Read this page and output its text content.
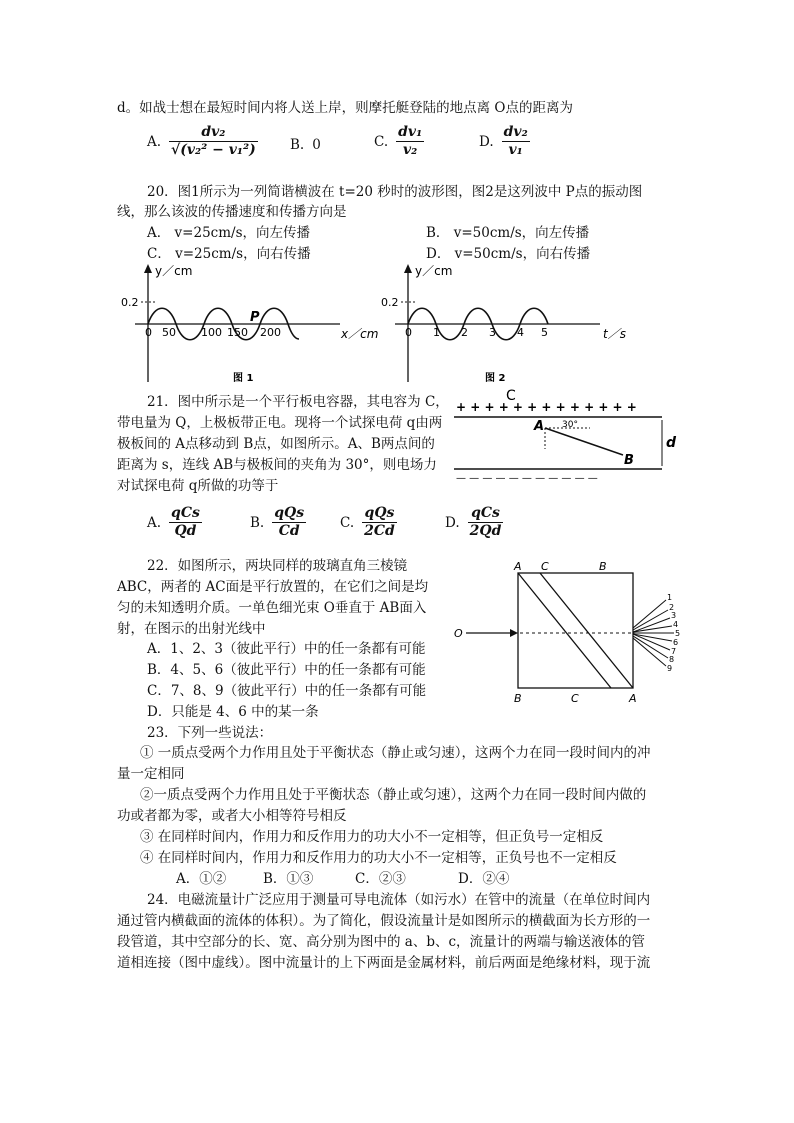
d。如战士想在最短时间内将人送上岸，则摩托艇登陆的地点离 O点的距离为
A. $\frac{\text{dv₂}}{\text{√(v₂² − v₁²)}} B$. 0	C. $\frac{\text{dv₁}}{\text{v₂}}$	D. $\frac{\text{dv₂}}{\text{v₁}}$
20．图1所示为一列简谐横波在 t=20 秒时的波形图，图2是这列波中 P点的振动图
线，那么该波的传播速度和传播方向是
A． v=25cm/s，向左传播	B． v=50cm/s，向左传播
C． v=25cm/s，向右传播	D． v=50cm/s，向右传播
y／cm
x／cm
0.2
0 50 100 150 200
P
图 1
y／cm
t／s
0.2
0 1 2 3 4 5
图 2
21．图中所示是一个平行板电容器，其电容为 C，
带电量为 Q，上极板带正电。现将一个试探电荷 q由两
极板间的 A点移动到 B点，如图所示。A、B两点间的
距离为 s，连线 AB与极板间的夹角为 30°，则电场力
对试探电荷 q所做的功等于
A. $\frac{\text{qCs}}{Qd}$	B. $\frac{\text{qQs}}{Cd}$	C. $\frac{\text{qQs}}{2Cd}$	D. $\frac{\text{qCs}}{2Qd}$
C
+ + + + + + + + + + + + +
— — — — — — — — — — —
A
B
30°
d
22．如图所示，两块同样的玻璃直角三棱镜
ABC，两者的 AC面是平行放置的，在它们之间是均
匀的未知透明介质。一单色细光束 O垂直于 AB面入
射，在图示的出射光线中
A．1、2、3（彼此平行）中的任一条都有可能
B．4、5、6（彼此平行）中的任一条都有可能
C．7、8、9（彼此平行）中的任一条都有可能
D．只能是 4、6 中的某一条
A C	B
B	C	A
O
1
2
3
4
5
6
7
8
9
23．下列一些说法：
① 一质点受两个力作用且处于平衡状态（静止或匀速），这两个力在同一段时间内的冲
量一定相同
②一质点受两个力作用且处于平衡状态（静止或匀速），这两个力在同一段时间内做的
功或者都为零，或者大小相等符号相反
③ 在同样时间内，作用力和反作用力的功大小不一定相等，但正负号一定相反
④ 在同样时间内，作用力和反作用力的功大小不一定相等，正负号也不一定相反
A．①②	B．①③	C．②③	D．②④
24．电磁流量计广泛应用于测量可导电流体（如污水）在管中的流量（在单位时间内
通过管内横截面的流体的体积）。为了简化，假设流量计是如图所示的横截面为长方形的一
段管道，其中空部分的长、宽、高分别为图中的 a、b、c，流量计的两端与输送液体的管
道相连接（图中虚线）。图中流量计的上下两面是金属材料，前后两面是绝缘材料，现于流
